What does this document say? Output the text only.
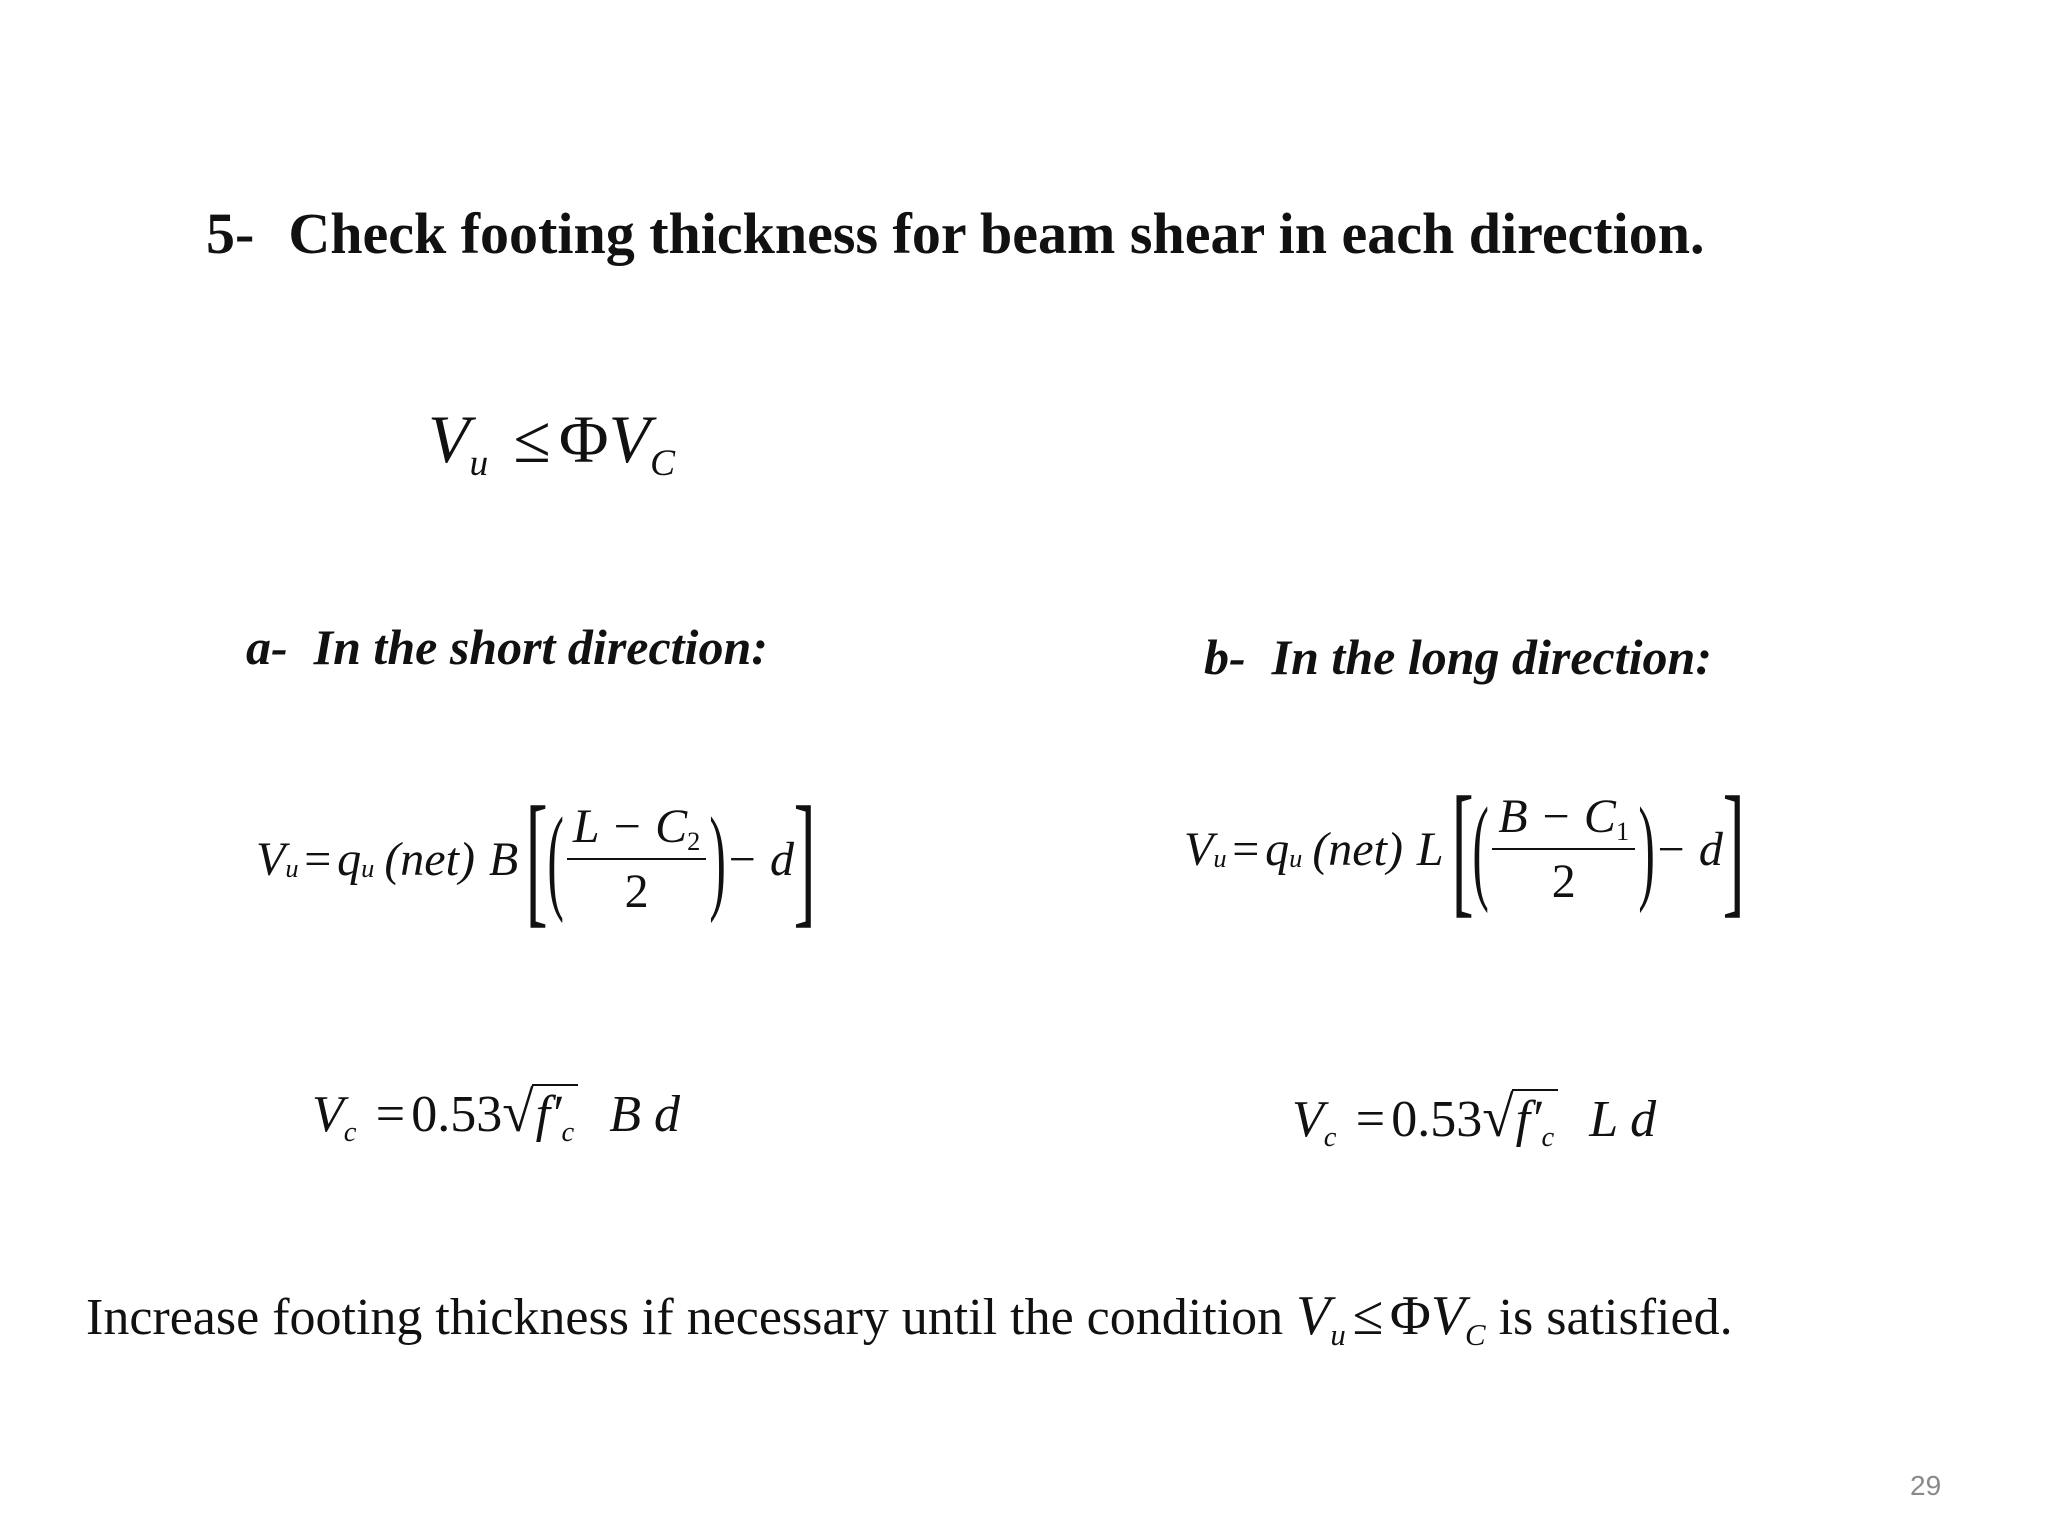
5- Check footing thickness for beam shear in each direction.
Vu ≤ ΦVC
a- In the short direction:	b- In the long direction:
V u = q u (net) B [
( $\frac{L - C2}{2}$ ) − d ]	V u = q u (net) L [
( $\frac{B - C1}{2}$ ) − d ]
Vc = 0.53√f′c B d	Vc = 0.53√f′c L d
Increase footing thickness if necessary until the condition Vu ≤ ΦVC is satisfied.
29
